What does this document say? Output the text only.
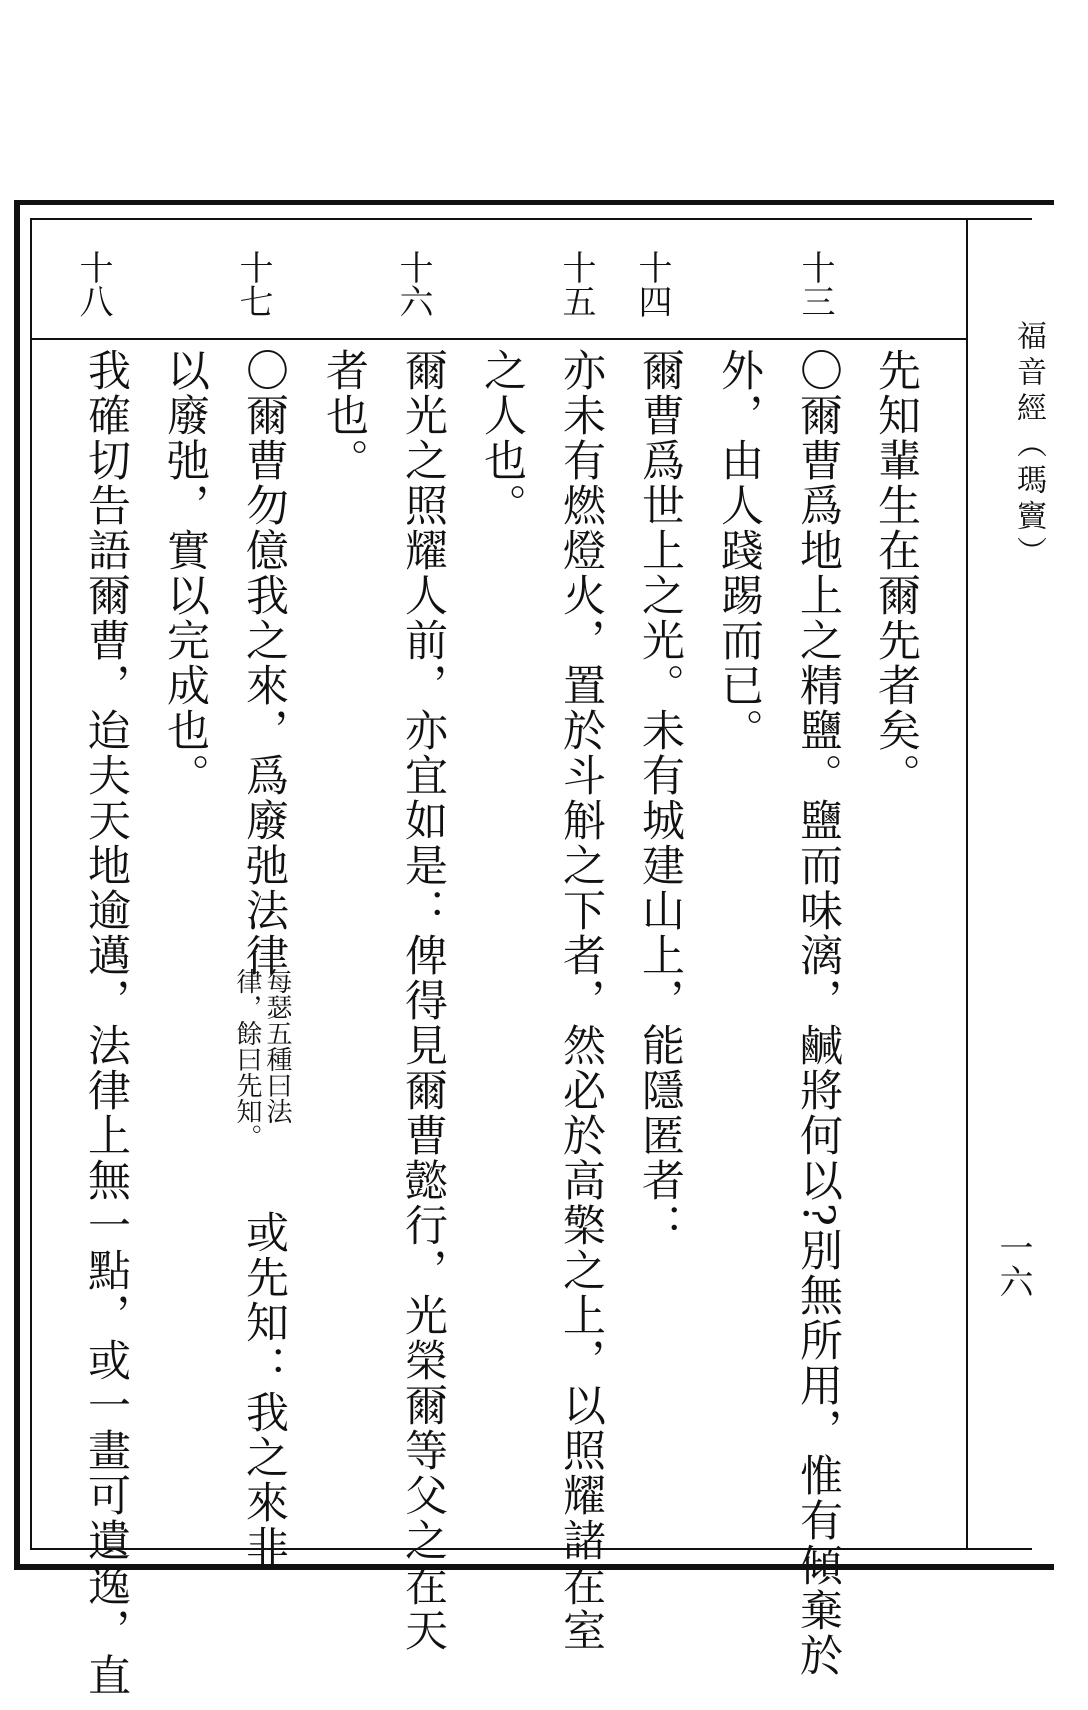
福音經（瑪竇）
一六
十三
十四
十五
十六
十七
十八
先知輩生在爾先者矣。
〇爾曹爲地上之精鹽。鹽而味漓，鹹將何以?別無所用，惟有傾棄於
外，由人踐踢而已。
爾曹爲世上之光。未有城建山上，能隱匿者：
亦未有燃燈火，置於斗斛之下者，然必於高檠之上，以照耀諸在室
之人也。
爾光之照耀人前，亦宜如是：俾得見爾曹懿行，光榮爾等父之在天
者也。
〇爾曹勿億我之來，爲廢弛法律
每瑟五種曰法
律，餘曰先知。
或先知：我之來非
以廢弛，實以完成也。
我確切告語爾曹，迨夫天地逾邁，法律上無一點，或一畫可遺逸，直
